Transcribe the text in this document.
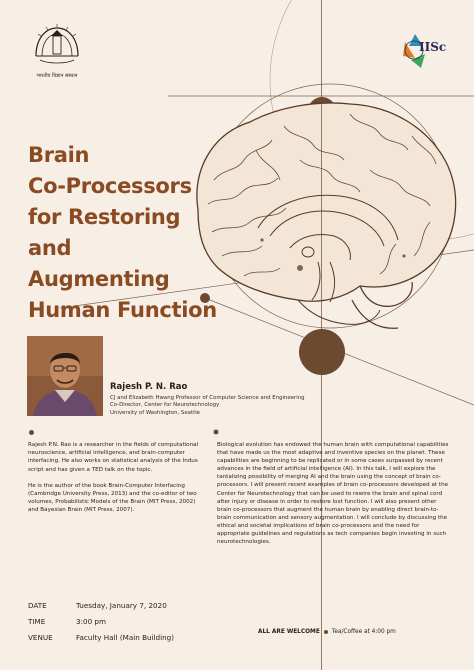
भारतीय विज्ञान संस्थान
IISc
Brain
Co-Processors
for Restoring
and
Augmenting
Human Function
Rajesh P. N. Rao
CJ and Elizabeth Hwang Professor of Computer Science and Engineering
Co-Director, Center for Neurotechnology
University of Washington, Seattle

Rajesh P.N. Rao is a researcher in the fields of computational neuroscience, artificial intelligence, and brain-computer interfacing. He also works on statistical analysis of the Indus script and has given a TED talk on the topic.

He is the author of the book Brain-Computer Interfacing (Cambridge University Press, 2013) and the co-editor of two volumes, Probabilistic Models of the Brain (MIT Press, 2002) and Bayesian Brain (MIT Press, 2007).

Biological evolution has endowed the human brain with computational capabilities that have made us the most adaptive and inventive species on the planet. These capabilities are beginning to be replicated or in some cases surpassed by recent advances in the field of artificial intelligence (AI). In this talk, I will explore the tantalizing possibility of merging AI and the brain using the concept of brain co-processors. I will present recent examples of brain co-processors developed at the Center for Neurotechnology that can be used to rewire the brain and spinal cord after injury or disease in order to restore lost function. I will also present other brain co-processors that augment the human brain by enabling direct brain-to-brain communication and sensory augmentation. I will conclude by discussing the ethical and societal implications of brain co-processors and the need for appropriate guidelines and regulations as tech companies begin investing in such neurotechnologies.

DATE	Tuesday, January 7, 2020
TIME	3:00 pm
VENUE	Faculty Hall (Main Building)
ALL ARE WELCOME Tea/Coffee at 4:00 pm
